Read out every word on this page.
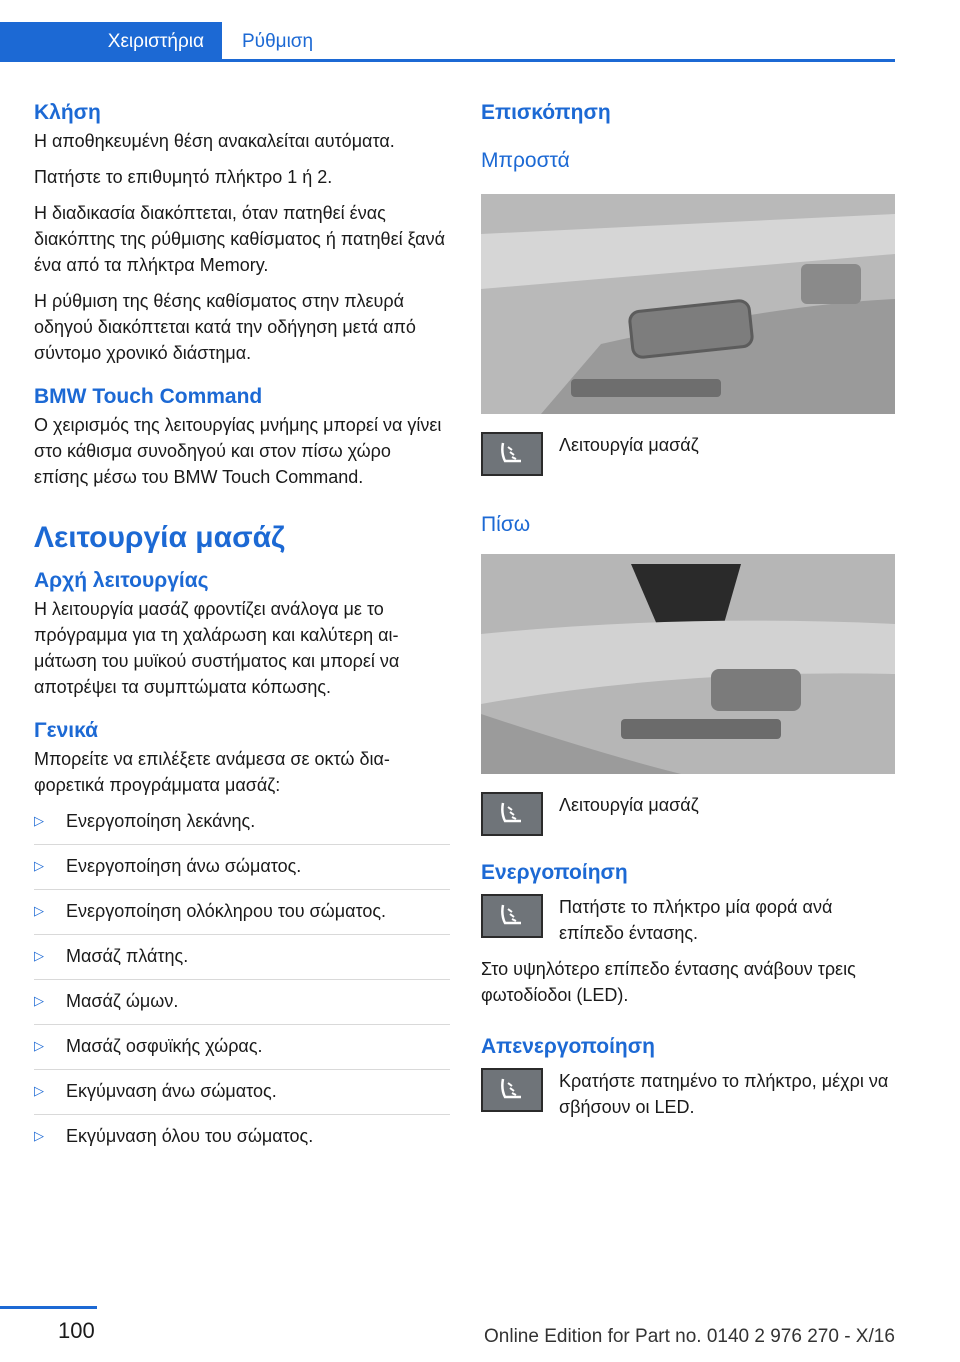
Χειριστήρια	Ρύθμιση
Κλήση

Η αποθηκευμένη θέση ανακαλείται αυτόματα.

Πατήστε το επιθυμητό πλήκτρο 1 ή 2.

Η διαδικασία διακόπτεται, όταν πατηθεί ένας διακόπτης της ρύθμισης καθίσματος ή πατηθεί ξανά ένα από τα πλήκτρα Memory.

Η ρύθμιση της θέσης καθίσματος στην πλευρά οδηγού διακόπτεται κατά την οδήγηση μετά από σύντομο χρονικό διάστημα.

BMW Touch Command

Ο χειρισμός της λειτουργίας μνήμης μπορεί να γίνει στο κάθισμα συνοδηγού και στον πίσω χώρο επίσης μέσω του BMW Touch Command.

Λειτουργία μασάζ
Αρχή λειτουργίας

Η λειτουργία μασάζ φροντίζει ανάλογα με το πρόγραμμα για τη χαλάρωση και καλύτερη αιμάτωση του μυϊκού συστήματος και μπορεί να αποτρέψει τα συμπτώματα κόπωσης.

Γενικά

Μπορείτε να επιλέξετε ανάμεσα σε οκτώ διαφορετικά προγράμματα μασάζ:

▷ Ενεργοποίηση λεκάνης.
▷ Ενεργοποίηση άνω σώματος.
▷ Ενεργοποίηση ολόκληρου του σώματος.
▷ Μασάζ πλάτης.
▷ Μασάζ ώμων.
▷ Μασάζ οσφυϊκής χώρας.
▷ Εκγύμναση άνω σώματος.
▷ Εκγύμναση όλου του σώματος.
Επισκόπηση
Μπροστά

Λειτουργία μασάζ

Πίσω

Λειτουργία μασάζ

Ενεργοποίηση

Πατήστε το πλήκτρο μία φορά ανά επίπεδο έντασης.

Στο υψηλότερο επίπεδο έντασης ανάβουν τρεις φωτοδίοδοι (LED).

Απενεργοποίηση

Κρατήστε πατημένο το πλήκτρο, μέχρι να σβήσουν οι LED.

100	Online Edition for Part no. 0140 2 976 270 - X/16
